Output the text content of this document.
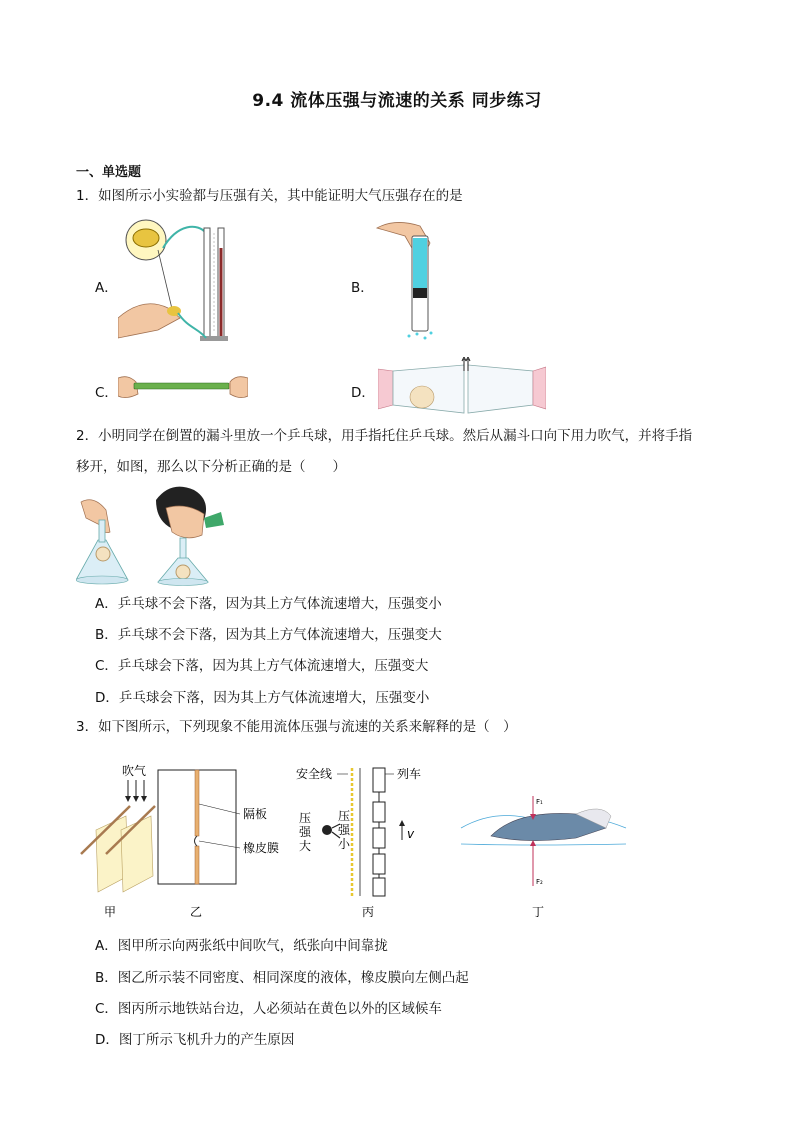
9.4 流体压强与流速的关系 同步练习
一、单选题
1．如图所示小实验都与压强有关，其中能证明大气压强存在的是
A．	B．
C．	D．
2．小明同学在倒置的漏斗里放一个乒乓球，用手指托住乒乓球。然后从漏斗口向下用力吹气，并将手指
移开，如图，那么以下分析正确的是（　　）
A．乒乓球不会下落，因为其上方气体流速增大，压强变小
B．乒乓球不会下落，因为其上方气体流速增大，压强变大
C．乒乓球会下落，因为其上方气体流速增大，压强变大
D．乒乓球会下落，因为其上方气体流速增大，压强变小
3．如下图所示，下列现象不能用流体压强与流速的关系来解释的是（　）
吹气
甲
隔板
橡皮膜
乙
安全线	列车
v
压
强
大
压
强
小
丙
F₁
F₂
丁
A．图甲所示向两张纸中间吹气，纸张向中间靠拢
B．图乙所示装不同密度、相同深度的液体，橡皮膜向左侧凸起
C．图丙所示地铁站台边，人必须站在黄色以外的区域候车
D．图丁所示飞机升力的产生原因
